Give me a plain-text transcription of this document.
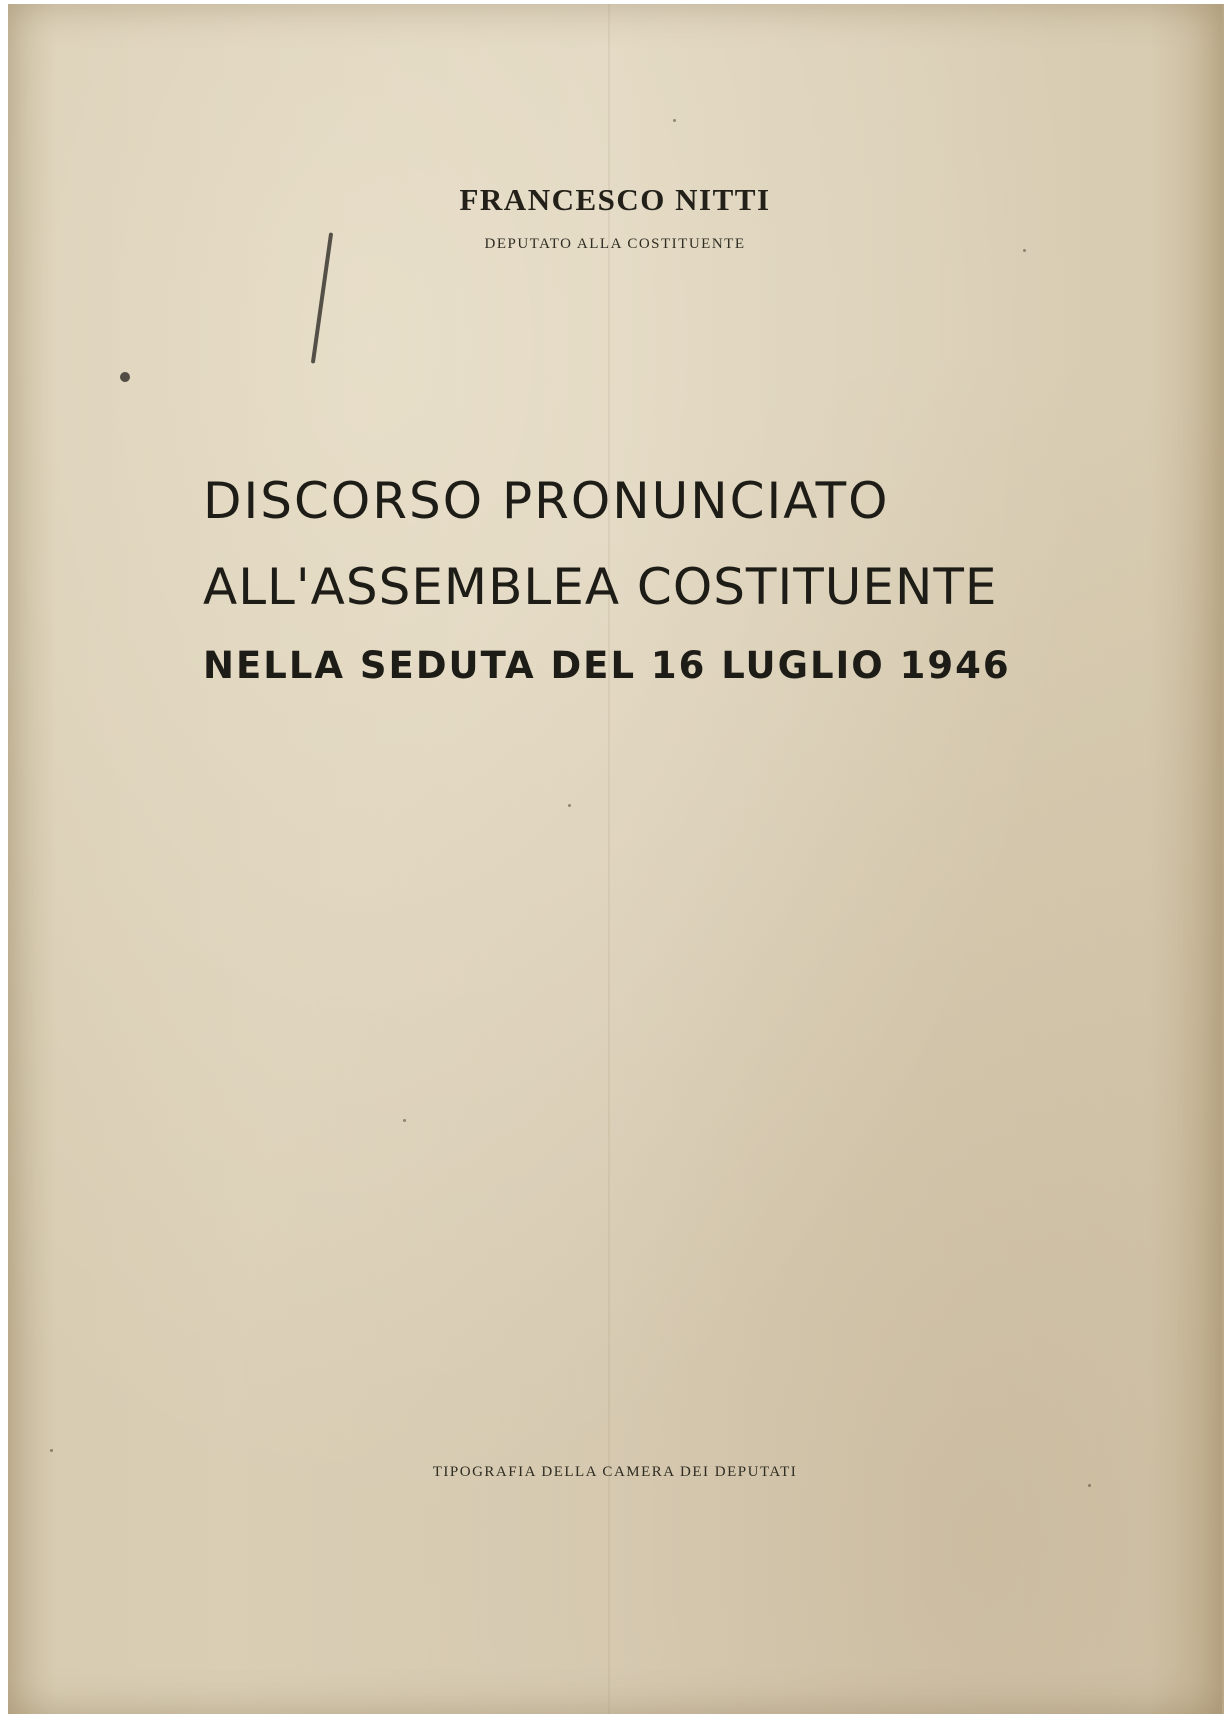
FRANCESCO NITTI
DEPUTATO ALLA COSTITUENTE
DISCORSO PRONUNCIATO
ALL'ASSEMBLEA COSTITUENTE
NELLA SEDUTA DEL 16 LUGLIO 1946
TIPOGRAFIA DELLA CAMERA DEI DEPUTATI
